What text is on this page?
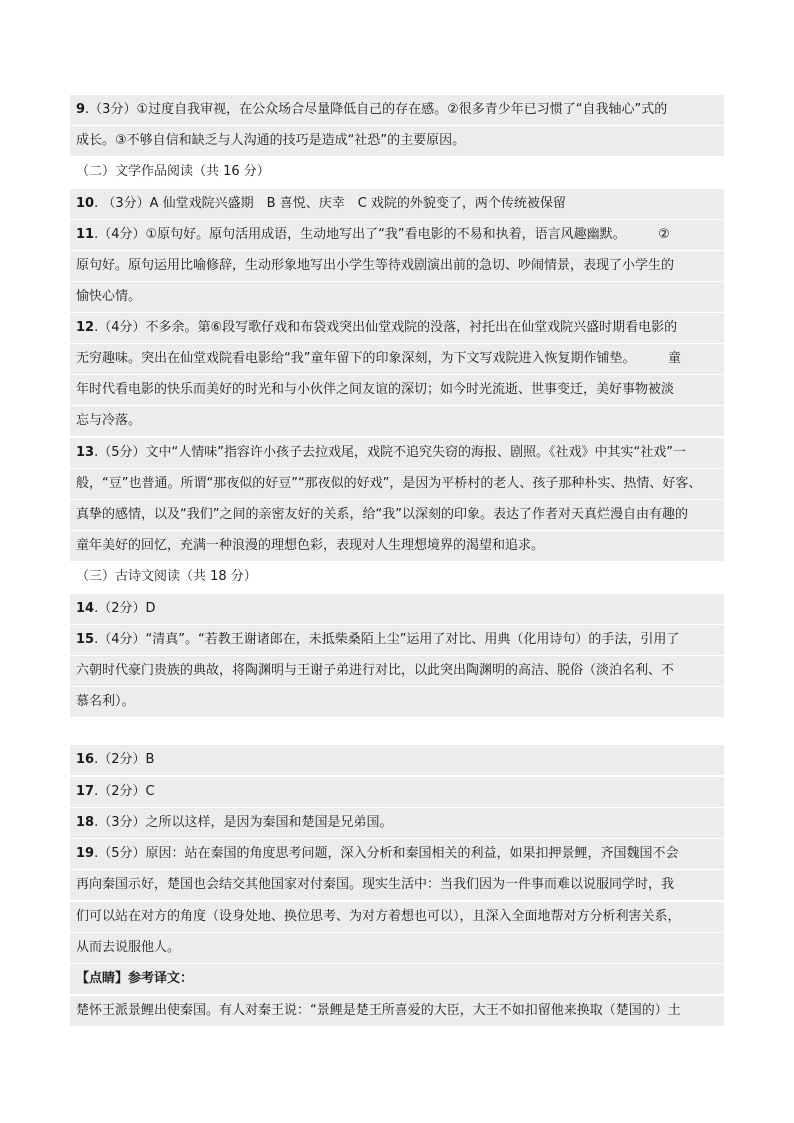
9.（3分）①过度自我审视，在公众场合尽量降低自己的存在感。②很多青少年已习惯了“自我轴心”式的
成长。③不够自信和缺乏与人沟通的技巧是造成“社恐”的主要原因。
（二）文学作品阅读（共 16 分）
10. （3分）A 仙堂戏院兴盛期　B 喜悦、庆幸　C 戏院的外貌变了，两个传统被保留
11.（4分）①原句好。原句活用成语，生动地写出了“我”看电影的不易和执着，语言风趣幽默。　　　②
原句好。原句运用比喻修辞，生动形象地写出小学生等待戏剧演出前的急切、吵闹情景，表现了小学生的
愉快心情。
12.（4分）不多余。第⑥段写歌仔戏和布袋戏突出仙堂戏院的没落，衬托出在仙堂戏院兴盛时期看电影的
无穷趣味。突出在仙堂戏院看电影给“我”童年留下的印象深刻，为下文写戏院进入恢复期作铺垫。　　　童
年时代看电影的快乐而美好的时光和与小伙伴之间友谊的深切；如今时光流逝、世事变迁，美好事物被淡
忘与冷落。
13.（5分）文中“人情味”指容许小孩子去拉戏尾，戏院不追究失窃的海报、剧照。《社戏》中其实“社戏”一
般，“豆”也普通。所谓“那夜似的好豆”“那夜似的好戏”，是因为平桥村的老人、孩子那种朴实、热情、好客、
真挚的感情，以及“我们”之间的亲密友好的关系，给“我”以深刻的印象。表达了作者对天真烂漫自由有趣的
童年美好的回忆，充满一种浪漫的理想色彩，表现对人生理想境界的渴望和追求。
（三）古诗文阅读（共 18 分）
14.（2分）D
15.（4分）“清真”。“若教王谢诸郎在，未抵柴桑陌上尘”运用了对比、用典（化用诗句）的手法，引用了
六朝时代豪门贵族的典故，将陶渊明与王谢子弟进行对比，以此突出陶渊明的高洁、脱俗（淡泊名利、不
慕名利）。
16.（2分）B
17.（2分）C
18.（3分）之所以这样，是因为秦国和楚国是兄弟国。
19.（5分）原因：站在秦国的角度思考问题，深入分析和秦国相关的利益，如果扣押景鲤，齐国魏国不会
再向秦国示好，楚国也会结交其他国家对付秦国。现实生活中：当我们因为一件事而难以说服同学时，我
们可以站在对方的角度（设身处地、换位思考、为对方着想也可以），且深入全面地帮对方分析利害关系，
从而去说服他人。
【点睛】参考译文：
楚怀王派景鲤出使秦国。有人对秦王说：“景鲤是楚王所喜爱的大臣，大王不如扣留他来换取（楚国的）土
